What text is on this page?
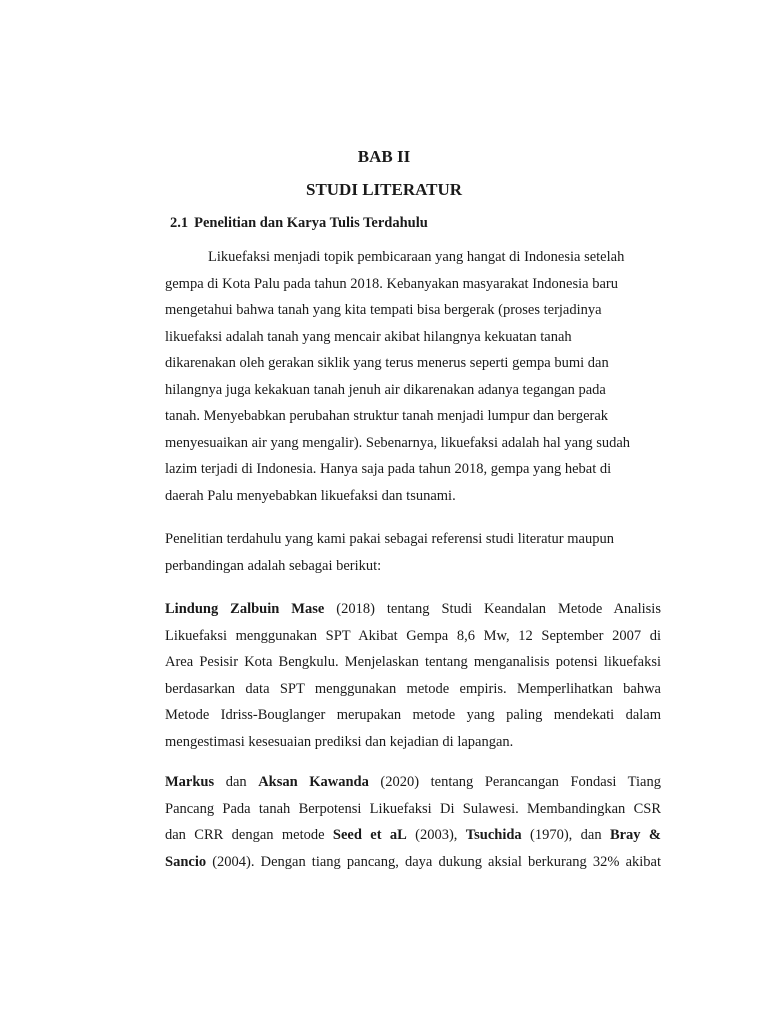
BAB II
STUDI LITERATUR
2.1 Penelitian dan Karya Tulis Terdahulu
Likuefaksi menjadi topik pembicaraan yang hangat di Indonesia setelah
gempa di Kota Palu pada tahun 2018. Kebanyakan masyarakat Indonesia baru
mengetahui bahwa tanah yang kita tempati bisa bergerak (proses terjadinya
likuefaksi adalah tanah yang mencair akibat hilangnya kekuatan tanah
dikarenakan oleh gerakan siklik yang terus menerus seperti gempa bumi dan
hilangnya juga kekakuan tanah jenuh air dikarenakan adanya tegangan pada
tanah. Menyebabkan perubahan struktur tanah menjadi lumpur dan bergerak
menyesuaikan air yang mengalir). Sebenarnya, likuefaksi adalah hal yang sudah
lazim terjadi di Indonesia. Hanya saja pada tahun 2018, gempa yang hebat di
daerah Palu menyebabkan likuefaksi dan tsunami.
Penelitian terdahulu yang kami pakai sebagai referensi studi literatur maupun
perbandingan adalah sebagai berikut:
Lindung Zalbuin Mase (2018) tentang Studi Keandalan Metode Analisis
Likuefaksi menggunakan SPT Akibat Gempa 8,6 Mw, 12 September 2007 di
Area Pesisir Kota Bengkulu. Menjelaskan tentang menganalisis potensi likuefaksi
berdasarkan data SPT menggunakan metode empiris. Memperlihatkan bahwa
Metode Idriss-Bouglanger merupakan metode yang paling mendekati dalam
mengestimasi kesesuaian prediksi dan kejadian di lapangan.
Markus dan Aksan Kawanda (2020) tentang Perancangan Fondasi Tiang
Pancang Pada tanah Berpotensi Likuefaksi Di Sulawesi. Membandingkan CSR
dan CRR dengan metode Seed et aL (2003), Tsuchida (1970), dan Bray &
Sancio (2004). Dengan tiang pancang, daya dukung aksial berkurang 32% akibat
